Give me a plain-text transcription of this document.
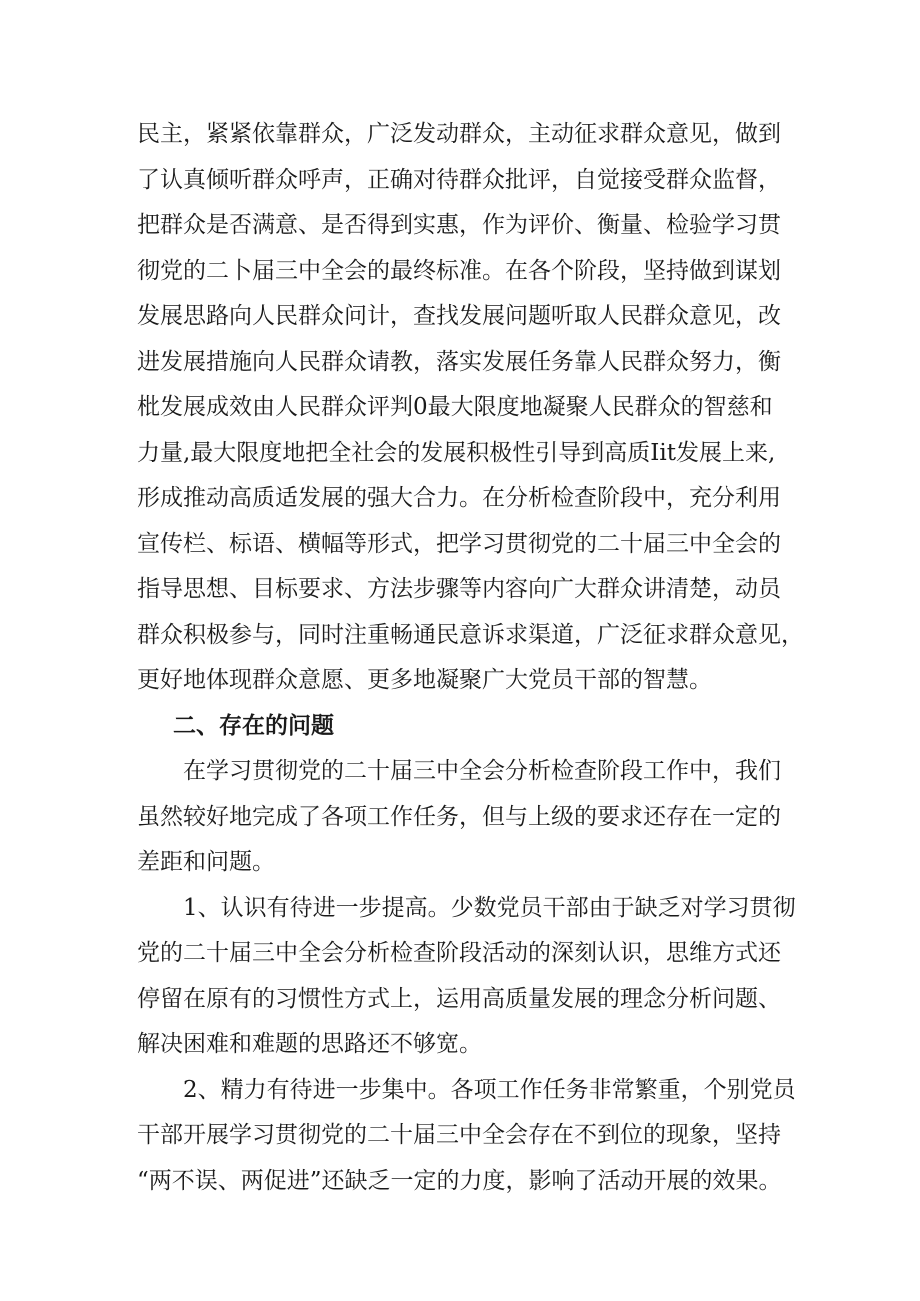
民主，紧紧依靠群众，广泛发动群众，主动征求群众意见，做到
了认真倾听群众呼声，正确对待群众批评，自觉接受群众监督，
把群众是否满意、是否得到实惠，作为评价、衡量、检验学习贯
彻党的二卜届三中全会的最终标准。在各个阶段，坚持做到谋划
发展思路向人民群众问计，查找发展问题听取人民群众意见，改
进发展措施向人民群众请教，落实发展任务靠人民群众努力，衡
枇发展成效由人民群众评判0最大限度地凝聚人民群众的智慈和
力量,最大限度地把全社会的发展积极性引导到高质Iit发展上来,
形成推动高质适发展的强大合力。在分析检查阶段中，充分利用
宣传栏、标语、横幅等形式，把学习贯彻党的二十届三中全会的
指导思想、目标要求、方法步骤等内容向广大群众讲清楚，动员
群众积极参与，同时注重畅通民意诉求渠道，广泛征求群众意见，
更好地体现群众意愿、更多地凝聚广大党员干部的智慧。
二、存在的问题
在学习贯彻党的二十届三中全会分析检查阶段工作中，我们
虽然较好地完成了各项工作任务，但与上级的要求还存在一定的
差距和问题。
1、认识有待进一步提高。少数党员干部由于缺乏对学习贯彻
党的二十届三中全会分析检查阶段活动的深刻认识，思维方式还
停留在原有的习惯性方式上，运用高质量发展的理念分析问题、
解决困难和难题的思路还不够宽。
2、精力有待进一步集中。各项工作任务非常繁重，个别党员
干部开展学习贯彻党的二十届三中全会存在不到位的现象，坚持
“两不误、两促进”还缺乏一定的力度，影响了活动开展的效果。
